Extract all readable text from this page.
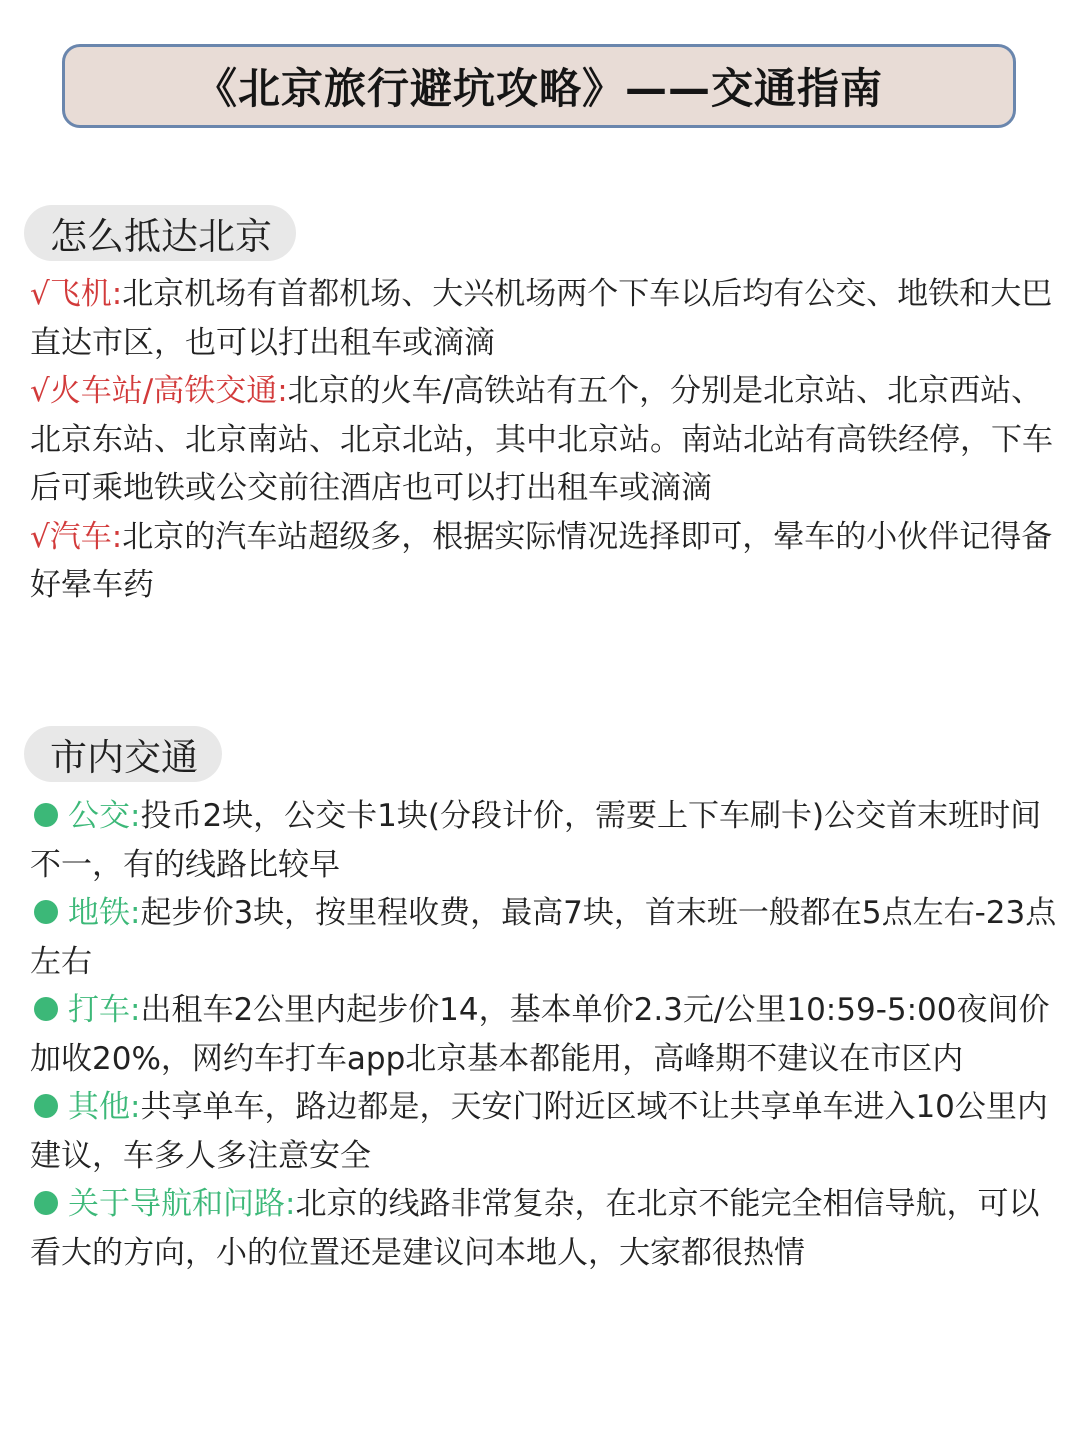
《北京旅行避坑攻略》——交通指南
怎么抵达北京
√飞机:北京机场有首都机场、大兴机场两个下车以后均有公交、地铁和大巴直达市区，也可以打出租车或滴滴
√火车站/高铁交通:北京的火车/高铁站有五个，分别是北京站、北京西站、北京东站、北京南站、北京北站，其中北京站。南站北站有高铁经停，下车后可乘地铁或公交前往酒店也可以打出租车或滴滴
√汽车:北京的汽车站超级多，根据实际情况选择即可，晕车的小伙伴记得备好晕车药
市内交通
公交:投币2块，公交卡1块(分段计价，需要上下车刷卡)公交首末班时间不一，有的线路比较早
地铁:起步价3块，按里程收费，最高7块，首末班一般都在5点左右-23点左右
打车:出租车2公里内起步价14，基本单价2.3元/公里10:59-5:00夜间价加收20%，网约车打车app北京基本都能用，高峰期不建议在市区内
其他:共享单车，路边都是，天安门附近区域不让共享单车进入10公里内建议，车多人多注意安全
关于导航和问路:北京的线路非常复杂，在北京不能完全相信导航，可以看大的方向，小的位置还是建议问本地人，大家都很热情
